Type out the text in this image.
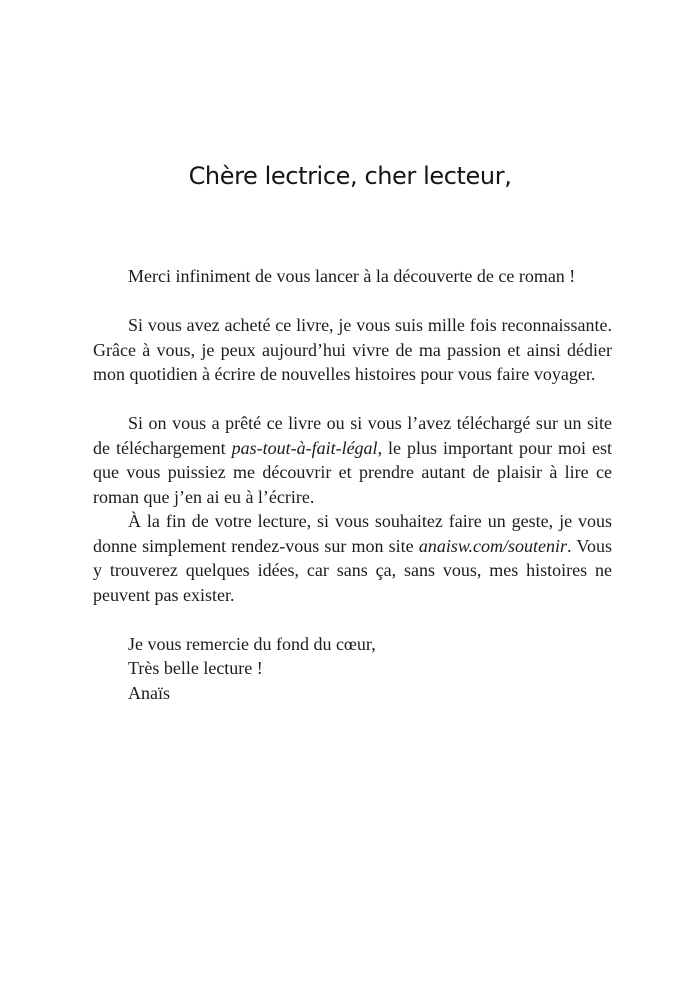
Chère lectrice, cher lecteur,

Merci infiniment de vous lancer à la découverte de ce roman !

Si vous avez acheté ce livre, je vous suis mille fois reconnaissante. Grâce à vous, je peux aujourd’hui vivre de ma passion et ainsi dédier mon quotidien à écrire de nouvelles histoires pour vous faire voyager.

Si on vous a prêté ce livre ou si vous l’avez téléchargé sur un site de téléchargement pas-tout-à-fait-légal, le plus important pour moi est que vous puissiez me découvrir et prendre autant de plaisir à lire ce roman que j’en ai eu à l’écrire.

À la fin de votre lecture, si vous souhaitez faire un geste, je vous donne simplement rendez-vous sur mon site anaisw.com/soutenir. Vous y trouverez quelques idées, car sans ça, sans vous, mes histoires ne peuvent pas exister.

Je vous remercie du fond du cœur,

Très belle lecture !

Anaïs
